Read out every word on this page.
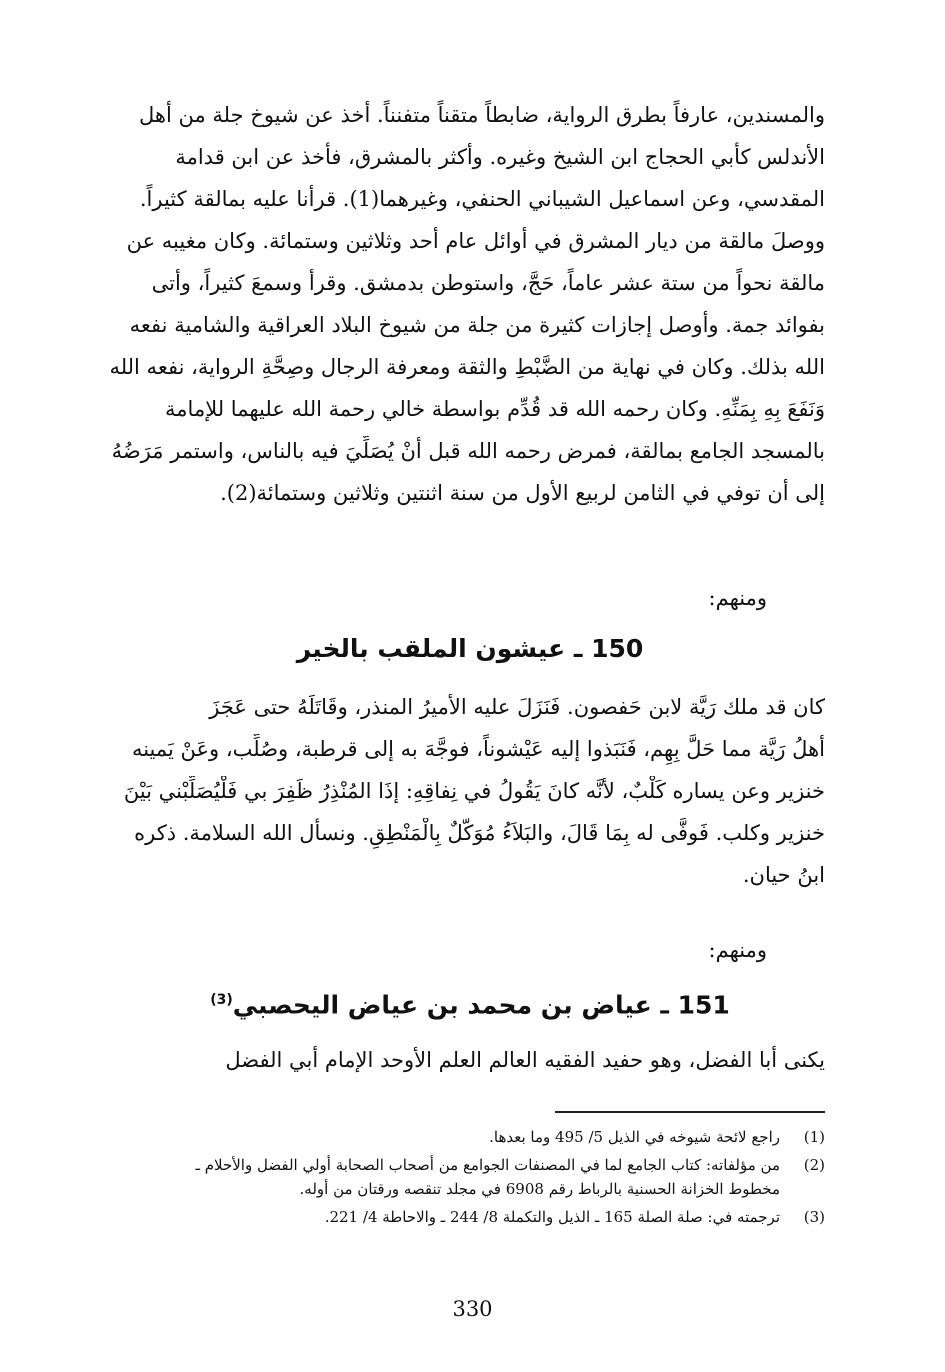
والمسندين، عارفاً بطرق الرواية، ضابطاً متقناً متفنناً. أخذ عن شيوخ جلة من أهل
الأندلس كأبي الحجاج ابن الشيخ وغيره. وأكثر بالمشرق، فأخذ عن ابن قدامة
المقدسي، وعن اسماعيل الشيباني الحنفي، وغيرهما(1). قرأنا عليه بمالقة كثيراً.
ووصلَ مالقة من ديار المشرق في أوائل عام أحد وثلاثين وستمائة. وكان مغيبه عن
مالقة نحواً من ستة عشر عاماً، حَجَّ، واستوطن بدمشق. وقرأ وسمعَ كثيراً، وأتى
بفوائد جمة. وأوصل إجازات كثيرة من جلة من شيوخ البلاد العراقية والشامية نفعه
الله بذلك. وكان في نهاية من الضَّبْطِ والثقة ومعرفة الرجال وصِحَّةِ الرواية، نفعه الله
وَنَفَعَ بِهِ بِمَنِّهِ. وكان رحمه الله قد قُدِّم بواسطة خالي رحمة الله عليهما للإمامة
بالمسجد الجامع بمالقة، فمرض رحمه الله قبل أنْ يُصَلِّيَ فيه بالناس، واستمر مَرَضُهُ
إلى أن توفي في الثامن لربيع الأول من سنة اثنتين وثلاثين وستمائة(2).
ومنهم:
150 ـ عيشون الملقب بالخير
كان قد ملك رَيَّة لابن حَفصون. فَنَزَلَ عليه الأميرُ المنذر، وقَاتَلَهُ حتى عَجَزَ
أهلُ رَيَّة مما حَلَّ بِهِم، فَنَبَذوا إليه عَيْشوناً، فوجَّهَ به إلى قرطبة، وصُلِّب، وعَنْ يَمينه
خنزير وعن يساره كَلْبٌ، لأنَّه كانَ يَقُولُ في نِفاقِهِ: إذَا المُنْذِرُ ظَفِرَ بي فَلْيُصَلِّبْني بَيْنَ
خنزير وكلب. فَوفَّى له بِمَا قَالَ، والبَلاَءُ مُوَكَّلٌ بِالْمَنْطِقِ. ونسأل الله السلامة. ذكره
ابنُ حيان.
ومنهم:
151 ـ عياض بن محمد بن عياض اليحصبي$^{(3)}$
يكنى أبا الفضل، وهو حفيد الفقيه العالم العلم الأوحد الإمام أبي الفضل
(1)
راجع لائحة شيوخه في الذيل 5/ 495 وما بعدها.
(2)
من مؤلفاته: كتاب الجامع لما في المصنفات الجوامع من أصحاب الصحابة أولي الفضل والأحلام ـ
مخطوط الخزانة الحسنية بالرباط رقم 6908 في مجلد تنقصه ورقتان من أوله.
(3)
ترجمته في: صلة الصلة 165 ـ الذيل والتكملة 8/ 244 ـ والاحاطة 4/ 221.
330
